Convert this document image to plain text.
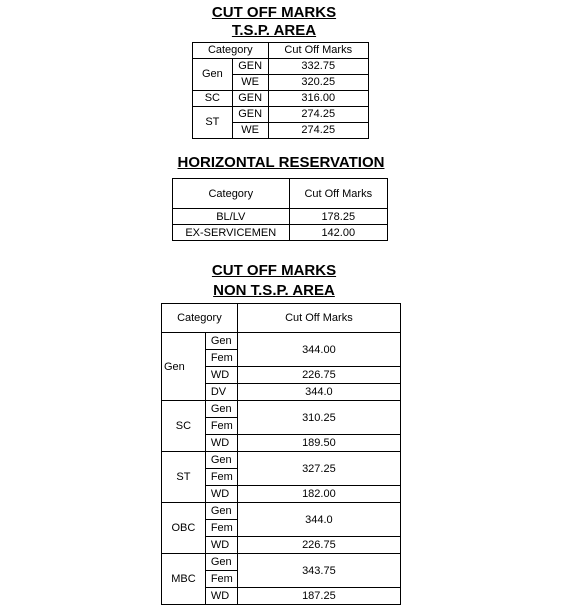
CUT OFF MARKS
T.S.P. AREA
Category		Cut Off Marks
Gen	GEN	332.75
	WE	320.25
SC	GEN	316.00
ST	GEN	274.25
	WE	274.25
HORIZONTAL RESERVATION
Category	Cut Off Marks
BL/LV	178.25
EX-SERVICEMEN	142.00
CUT OFF MARKS
NON T.S.P. AREA
Category		Cut Off Marks
Gen	Gen	344.00
	Fem	
	WD	226.75
	DV	344.0
SC	Gen	310.25
	Fem	
	WD	189.50
ST	Gen	327.25
	Fem	
	WD	182.00
OBC	Gen	344.0
	Fem	
	WD	226.75
MBC	Gen	343.75
	Fem	
	WD	187.25
